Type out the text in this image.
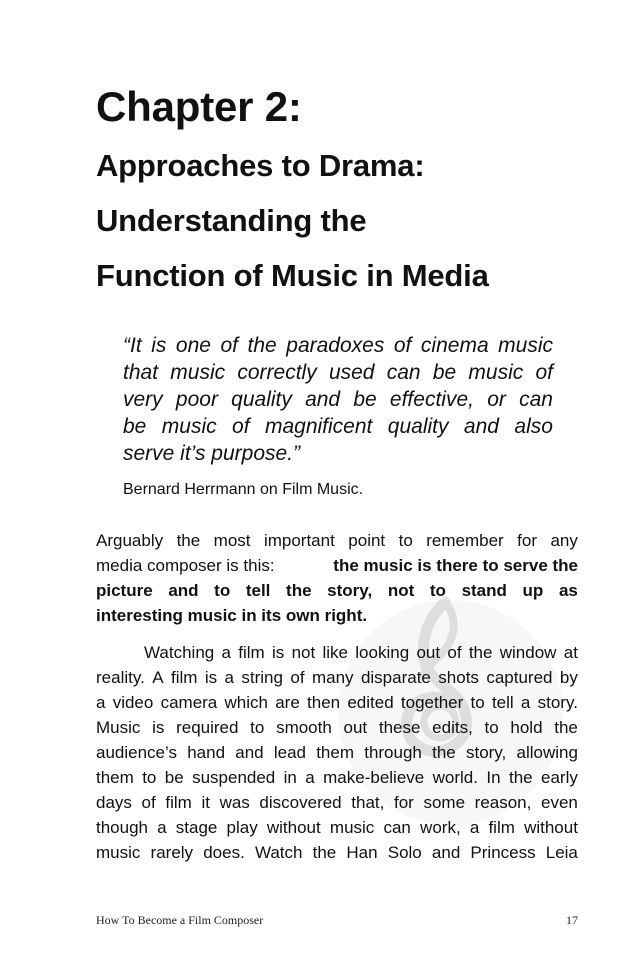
Chapter 2:
Approaches to Drama:
Understanding the
Function of Music in Media
“It is one of the paradoxes of cinema music
that music correctly used can be music of
very poor quality and be effective, or can
be music of magnificent quality and also
serve it’s purpose.”

Bernard Herrmann on Film Music.

Arguably the most important point to remember for any
media composer is this:	the music is there to serve the
picture and to tell the story, not to stand up as
interesting music in its own right.
Watching a film is not like looking out of the window at
reality. A film is a string of many disparate shots captured by
a video camera which are then edited together to tell a story.
Music is required to smooth out these edits, to hold the
audience’s hand and lead them through the story, allowing
them to be suspended in a make-believe world. In the early
days of film it was discovered that, for some reason, even
though a stage play without music can work, a film without
music rarely does. Watch the Han Solo and Princess Leia
How To Become a Film Composer	17
